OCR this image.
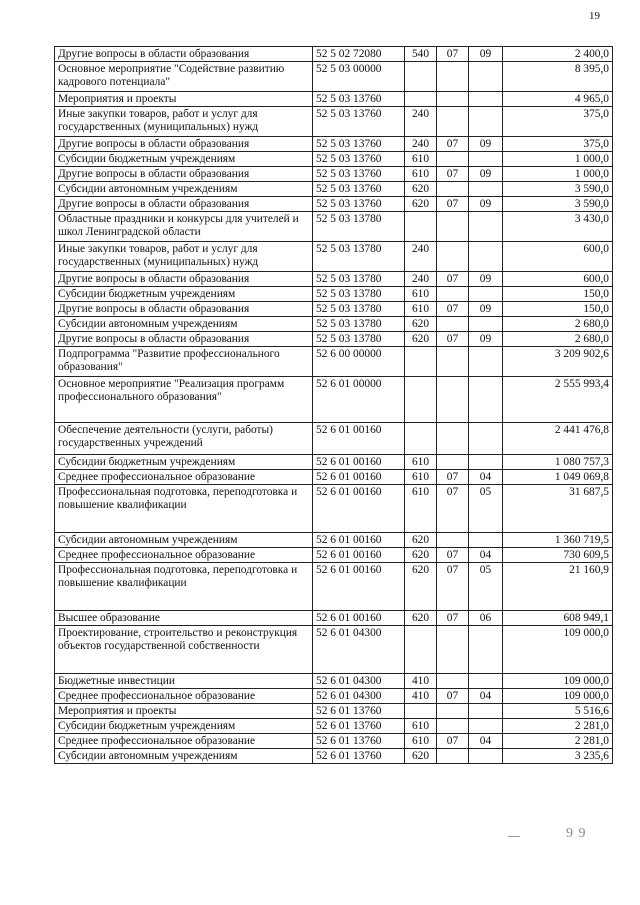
19
Другие вопросы в области образования	52 5 02 72080	540	07	09	2 400,0
Основное мероприятие "Содействие развитию кадрового потенциала"	52 5 03 00000				8 395,0
Мероприятия и проекты	52 5 03 13760				4 965,0
Иные закупки товаров, работ и услуг для государственных (муниципальных) нужд	52 5 03 13760	240			375,0
Другие вопросы в области образования	52 5 03 13760	240	07	09	375,0
Субсидии бюджетным учреждениям	52 5 03 13760	610			1 000,0
Другие вопросы в области образования	52 5 03 13760	610	07	09	1 000,0
Субсидии автономным учреждениям	52 5 03 13760	620			3 590,0
Другие вопросы в области образования	52 5 03 13760	620	07	09	3 590,0
Областные праздники и конкурсы для учителей и школ Ленинградской области	52 5 03 13780				3 430,0
Иные закупки товаров, работ и услуг для государственных (муниципальных) нужд	52 5 03 13780	240			600,0
Другие вопросы в области образования	52 5 03 13780	240	07	09	600,0
Субсидии бюджетным учреждениям	52 5 03 13780	610			150,0
Другие вопросы в области образования	52 5 03 13780	610	07	09	150,0
Субсидии автономным учреждениям	52 5 03 13780	620			2 680,0
Другие вопросы в области образования	52 5 03 13780	620	07	09	2 680,0
Подпрограмма "Развитие профессионального образования"	52 6 00 00000				3 209 902,6
Основное мероприятие "Реализация программ профессионального образования"	52 6 01 00000				2 555 993,4
Обеспечение деятельности (услуги, работы) государственных учреждений	52 6 01 00160				2 441 476,8
Субсидии бюджетным учреждениям	52 6 01 00160	610			1 080 757,3
Среднее профессиональное образование	52 6 01 00160	610	07	04	1 049 069,8
Профессиональная подготовка, переподготовка и повышение квалификации	52 6 01 00160	610	07	05	31 687,5
Субсидии автономным учреждениям	52 6 01 00160	620			1 360 719,5
Среднее профессиональное образование	52 6 01 00160	620	07	04	730 609,5
Профессиональная подготовка, переподготовка и повышение квалификации	52 6 01 00160	620	07	05	21 160,9
Высшее образование	52 6 01 00160	620	07	06	608 949,1
Проектирование, строительство и реконструкция объектов государственной собственности	52 6 01 04300				109 000,0
Бюджетные инвестиции	52 6 01 04300	410			109 000,0
Среднее профессиональное образование	52 6 01 04300	410	07	04	109 000,0
Мероприятия и проекты	52 6 01 13760				5 516,6
Субсидии бюджетным учреждениям	52 6 01 13760	610			2 281,0
Среднее профессиональное образование	52 6 01 13760	610	07	04	2 281,0
Субсидии автономным учреждениям	52 6 01 13760	620			3 235,6
9 9
